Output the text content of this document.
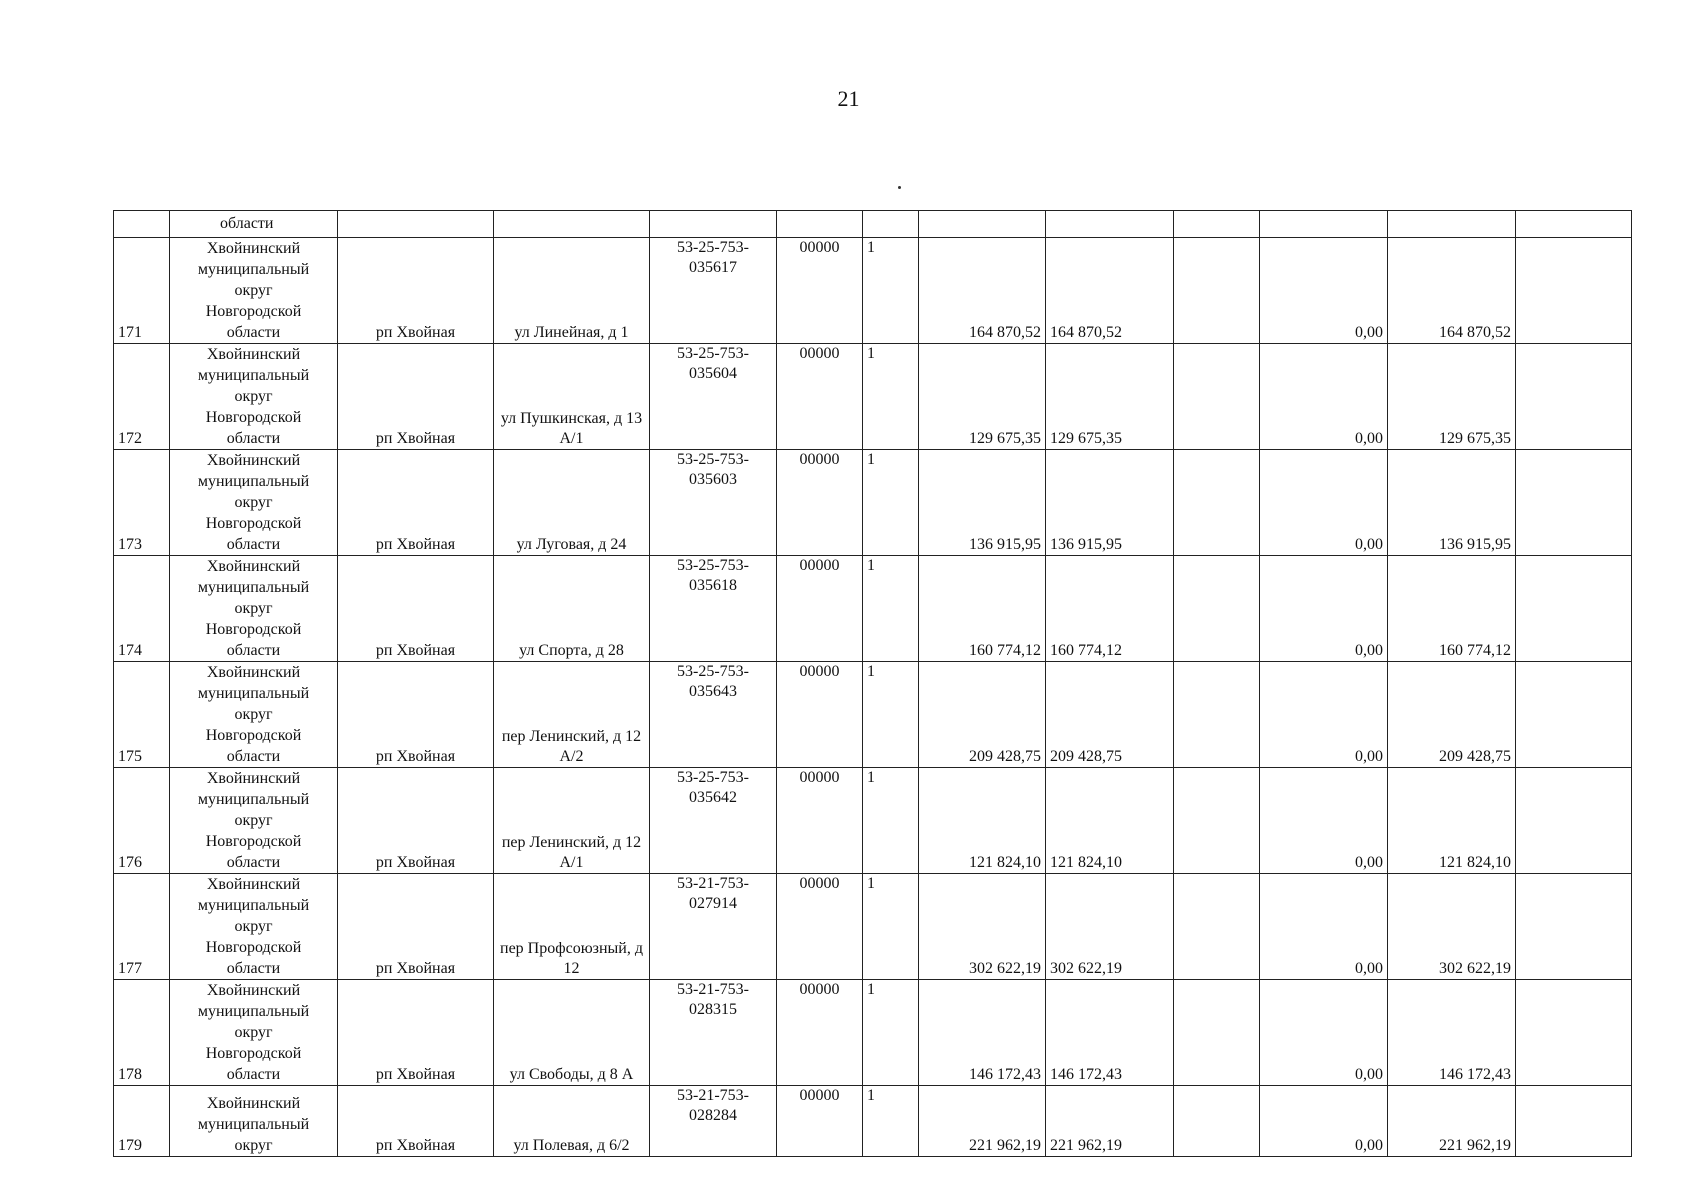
21
	области											
171	Хвойнинский
муниципальный
округ
Новгородской
области	рп Хвойная	ул Линейная, д 1	53-25-753-035617	00000	1	164 870,52	164 870,52		0,00	164 870,52	
172	Хвойнинский
муниципальный
округ
Новгородской
области	рп Хвойная	ул Пушкинская, д 13 А/1	53-25-753-035604	00000	1	129 675,35	129 675,35		0,00	129 675,35	
173	Хвойнинский
муниципальный
округ
Новгородской
области	рп Хвойная	ул Луговая, д 24	53-25-753-035603	00000	1	136 915,95	136 915,95		0,00	136 915,95	
174	Хвойнинский
муниципальный
округ
Новгородской
области	рп Хвойная	ул Спорта, д 28	53-25-753-035618	00000	1	160 774,12	160 774,12		0,00	160 774,12	
175	Хвойнинский
муниципальный
округ
Новгородской
области	рп Хвойная	пер Ленинский, д 12 А/2	53-25-753-035643	00000	1	209 428,75	209 428,75		0,00	209 428,75	
176	Хвойнинский
муниципальный
округ
Новгородской
области	рп Хвойная	пер Ленинский, д 12 А/1	53-25-753-035642	00000	1	121 824,10	121 824,10		0,00	121 824,10	
177	Хвойнинский
муниципальный
округ
Новгородской
области	рп Хвойная	пер Профсоюзный, д 12	53-21-753-027914	00000	1	302 622,19	302 622,19		0,00	302 622,19	
178	Хвойнинский
муниципальный
округ
Новгородской
области	рп Хвойная	ул Свободы, д 8 А	53-21-753-028315	00000	1	146 172,43	146 172,43		0,00	146 172,43	
179	Хвойнинский
муниципальный
округ	рп Хвойная	ул Полевая, д 6/2	53-21-753-028284	00000	1	221 962,19	221 962,19		0,00	221 962,19	
